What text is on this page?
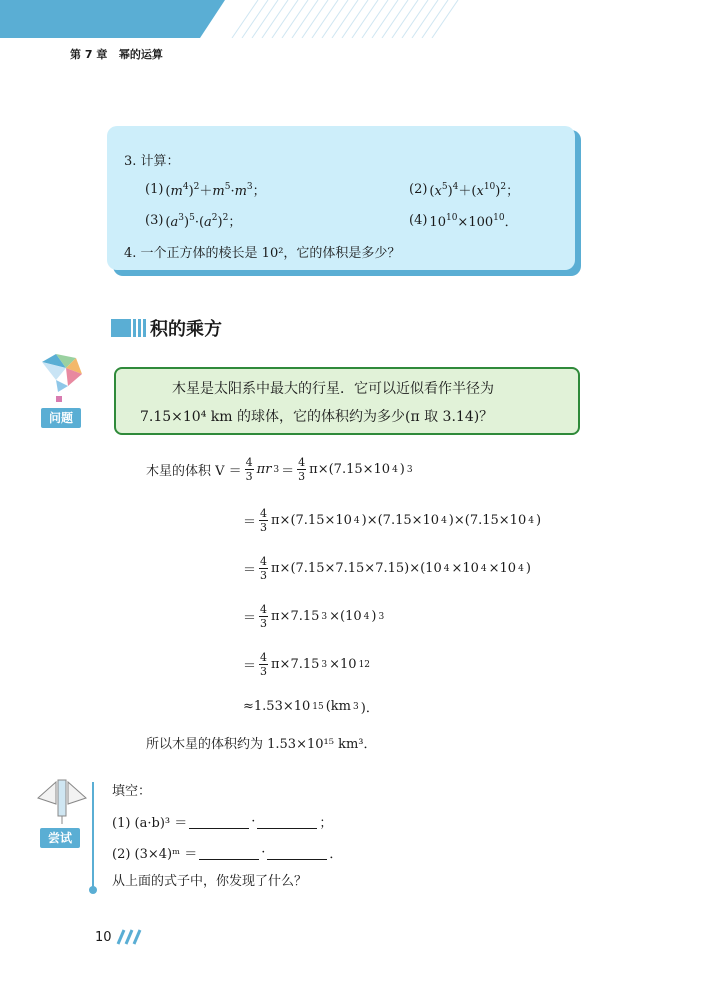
第 7 章 幂的运算
3. 计算：
(1) $(m^4)^2+m^5\cdot m^3$；	(2) $(x^5)^4+(x^{10})^2$；
(3) $(a^3)^5\cdot(a^2)^2$；	(4) $10^{10}\times 100^{10}$．
4. 一个正方体的棱长是 10²，它的体积是多少？
积的乘方
问题
木星是太阳系中最大的行星．它可以近似看作半径为
7.15×10⁴ km 的球体，它的体积约为多少(π 取 3.14)？
木星的体积 $V = \frac{4}{3}$ πr $3 = \frac{4}{3} \pi\times(7.15\times 10$ 4 ) 3
＝ $\frac{4}{3} \pi\times(7.15\times 10$ 4 )×(7.15×10 4 )×(7.15×10 4 )
＝ $\frac{4}{3} \pi\times(7.15\times 7.15\times 7.15)\times(10$ 4 ×10 4 ×10 4 )
＝ $\frac{4}{3} \pi\times 7.15$ 3 ×(10 4 ) 3
＝ $\frac{4}{3} \pi\times 7.15$ 3 ×10 12
≈1.53×10 15 (km 3 )．
所以木星的体积约为 1.53×10¹⁵ km³．
尝试
填空：
(1) (a·b)³ ＝	·	；
(2) (3×4)ᵐ ＝	·	．
从上面的式子中，你发现了什么？
10
